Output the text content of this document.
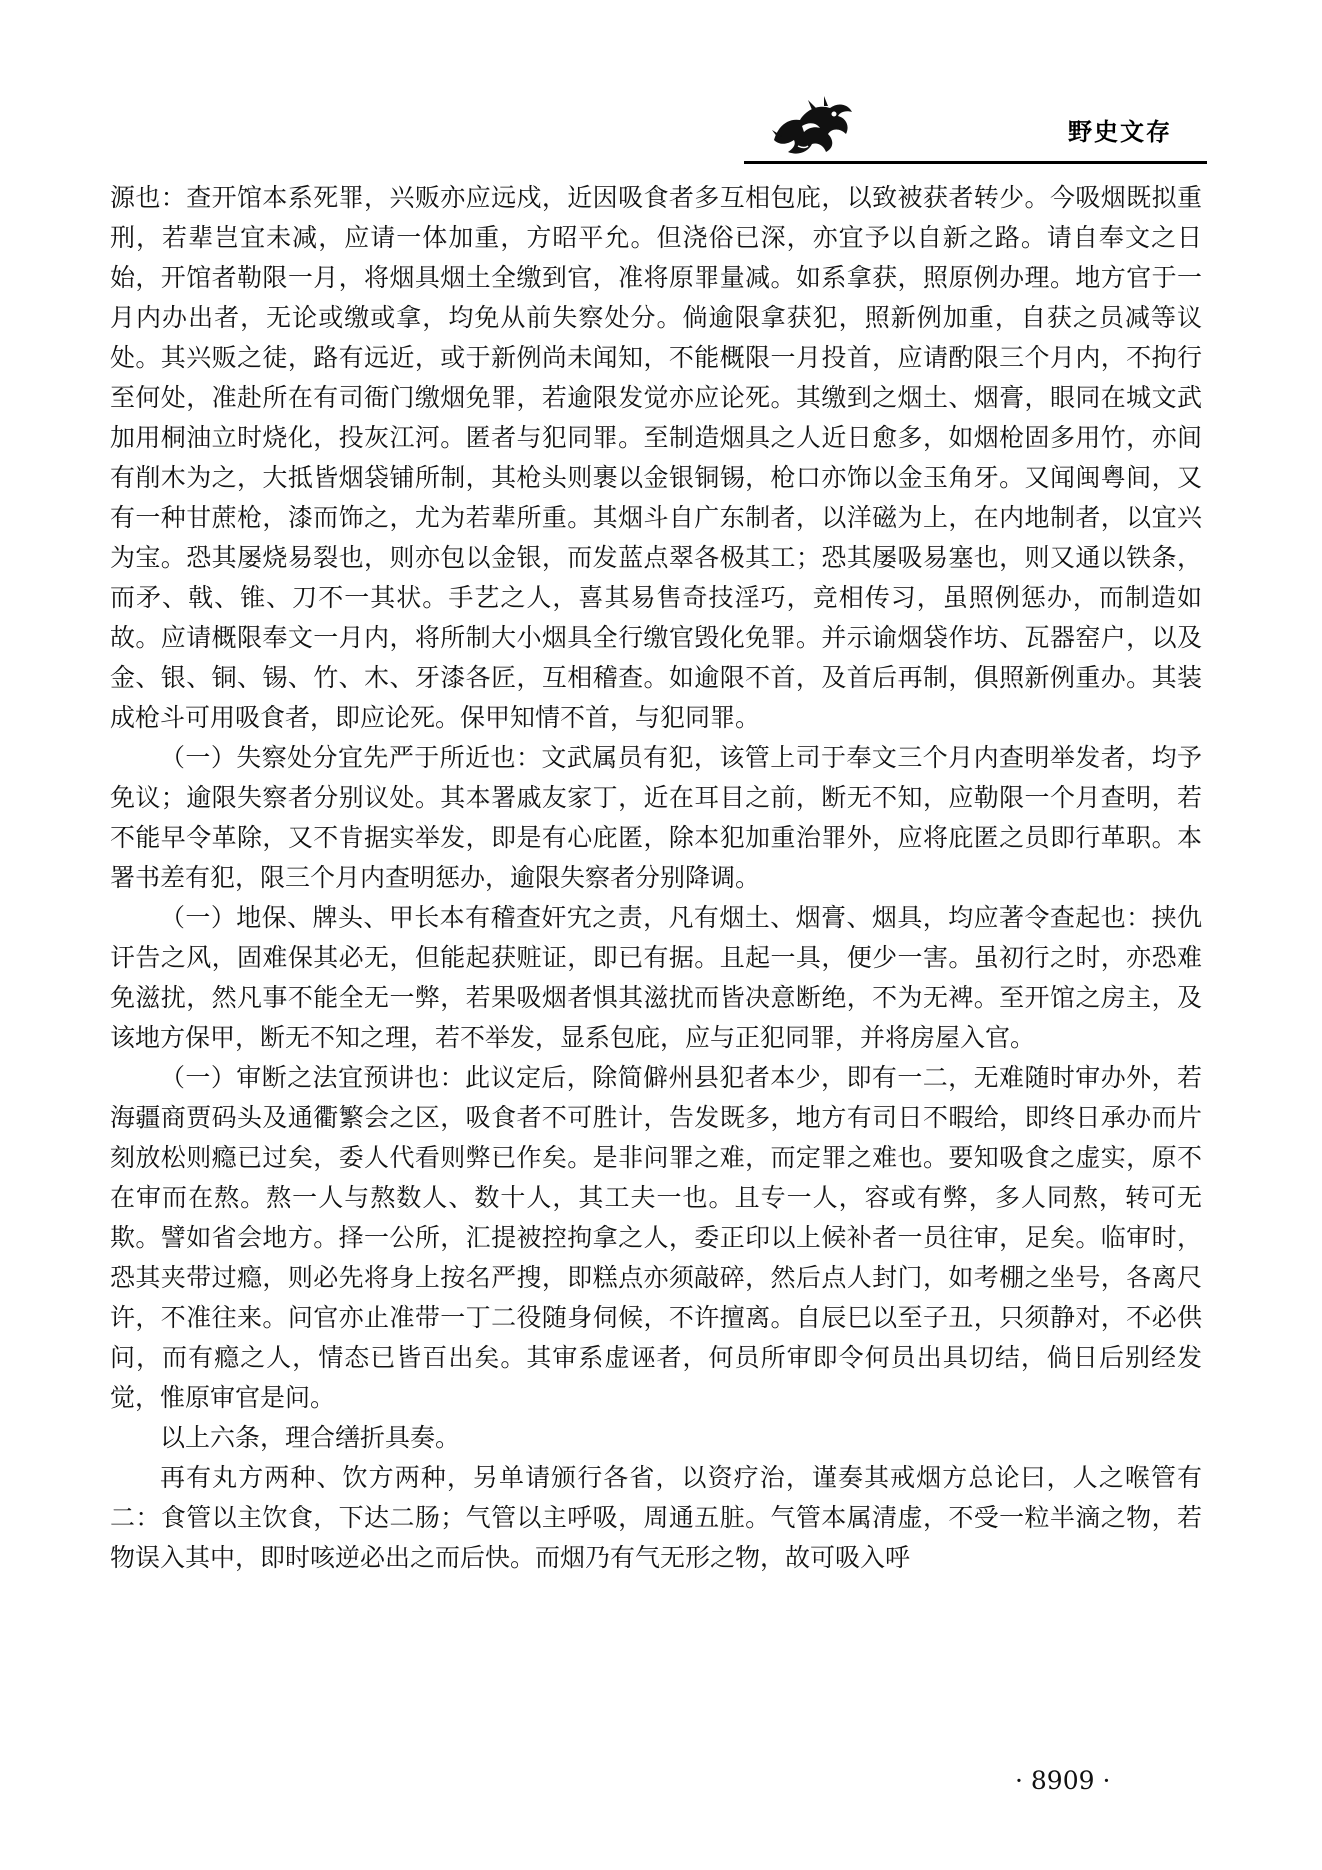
野史文存

源也：查开馆本系死罪，兴贩亦应远戍，近因吸食者多互相包庇，以致被获者转少。今吸烟既拟重刑，若辈岂宜未减，应请一体加重，方昭平允。但浇俗已深，亦宜予以自新之路。请自奉文之日始，开馆者勒限一月，将烟具烟土全缴到官，准将原罪量减。如系拿获，照原例办理。地方官于一月内办出者，无论或缴或拿，均免从前失察处分。倘逾限拿获犯，照新例加重，自获之员减等议处。其兴贩之徒，路有远近，或于新例尚未闻知，不能概限一月投首，应请酌限三个月内，不拘行至何处，准赴所在有司衙门缴烟免罪，若逾限发觉亦应论死。其缴到之烟土、烟膏，眼同在城文武加用桐油立时烧化，投灰江河。匿者与犯同罪。至制造烟具之人近日愈多，如烟枪固多用竹，亦间有削木为之，大抵皆烟袋铺所制，其枪头则裹以金银铜锡，枪口亦饰以金玉角牙。又闻闽粤间，又有一种甘蔗枪，漆而饰之，尤为若辈所重。其烟斗自广东制者，以洋磁为上，在内地制者，以宜兴为宝。恐其屡烧易裂也，则亦包以金银，而发蓝点翠各极其工；恐其屡吸易塞也，则又通以铁条，而矛、戟、锥、刀不一其状。手艺之人，喜其易售奇技淫巧，竞相传习，虽照例惩办，而制造如故。应请概限奉文一月内，将所制大小烟具全行缴官毁化免罪。并示谕烟袋作坊、瓦器窑户，以及金、银、铜、锡、竹、木、牙漆各匠，互相稽查。如逾限不首，及首后再制，俱照新例重办。其装成枪斗可用吸食者，即应论死。保甲知情不首，与犯同罪。

（一）失察处分宜先严于所近也：文武属员有犯，该管上司于奉文三个月内查明举发者，均予免议；逾限失察者分别议处。其本署戚友家丁，近在耳目之前，断无不知，应勒限一个月查明，若不能早令革除，又不肯据实举发，即是有心庇匿，除本犯加重治罪外，应将庇匿之员即行革职。本署书差有犯，限三个月内查明惩办，逾限失察者分别降调。

（一）地保、牌头、甲长本有稽查奸宄之责，凡有烟土、烟膏、烟具，均应著令查起也：挟仇讦告之风，固难保其必无，但能起获赃证，即已有据。且起一具，便少一害。虽初行之时，亦恐难免滋扰，然凡事不能全无一弊，若果吸烟者惧其滋扰而皆决意断绝，不为无裨。至开馆之房主，及该地方保甲，断无不知之理，若不举发，显系包庇，应与正犯同罪，并将房屋入官。

（一）审断之法宜预讲也：此议定后，除简僻州县犯者本少，即有一二，无难随时审办外，若海疆商贾码头及通衢繁会之区，吸食者不可胜计，告发既多，地方有司日不暇给，即终日承办而片刻放松则瘾已过矣，委人代看则弊已作矣。是非问罪之难，而定罪之难也。要知吸食之虚实，原不在审而在熬。熬一人与熬数人、数十人，其工夫一也。且专一人，容或有弊，多人同熬，转可无欺。譬如省会地方。择一公所，汇提被控拘拿之人，委正印以上候补者一员往审，足矣。临审时，恐其夹带过瘾，则必先将身上按名严搜，即糕点亦须敲碎，然后点人封门，如考棚之坐号，各离尺许，不准往来。问官亦止准带一丁二役随身伺候，不许擅离。自辰巳以至子丑，只须静对，不必供问，而有瘾之人，情态已皆百出矣。其审系虚诬者，何员所审即令何员出具切结，倘日后别经发觉，惟原审官是问。

以上六条，理合缮折具奏。

再有丸方两种、饮方两种，另单请颁行各省，以资疗治，谨奏其戒烟方总论曰，人之喉管有二：食管以主饮食，下达二肠；气管以主呼吸，周通五脏。气管本属清虚，不受一粒半滴之物，若物误入其中，即时咳逆必出之而后快。而烟乃有气无形之物，故可吸入呼

· 8909 ·
